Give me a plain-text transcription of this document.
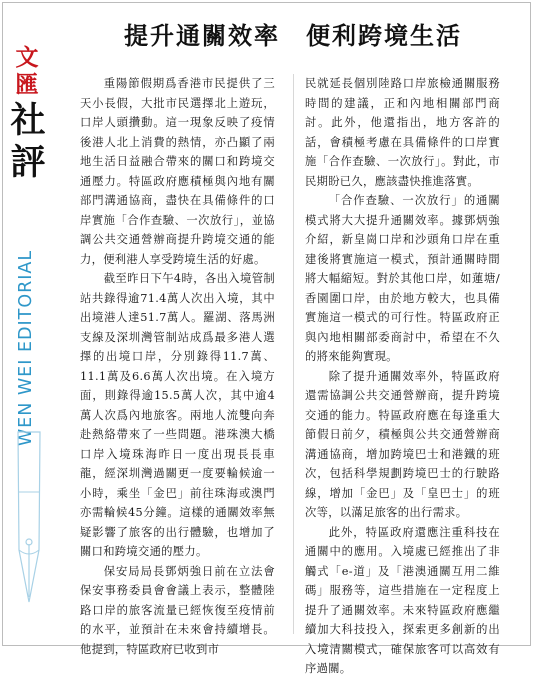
文匯
社評
WEN WEI EDITORIAL
提升通關效率　便利跨境生活

重陽節假期爲香港市民提供了三天小長假，大批市民選擇北上遊玩，口岸人頭攢動。這一現象反映了疫情後港人北上消費的熱情，亦凸顯了兩地生活日益融合帶來的關口和跨境交通壓力。特區政府應積極與內地有關部門溝通協商，盡快在具備條件的口岸實施「合作查驗、一次放行」，並協調公共交通營辦商提升跨境交通的能力，便利港人享受跨境生活的好處。

截至昨日下午4時，各出入境管制站共錄得逾71.4萬人次出入境，其中出境港人達51.7萬人。羅湖、落馬洲支線及深圳灣管制站成爲最多港人選擇的出境口岸，分別錄得11.7萬、11.1萬及6.6萬人次出境。在入境方面，則錄得逾15.5萬人次，其中逾4萬人次爲內地旅客。兩地人流雙向奔赴熱絡帶來了一些問題。港珠澳大橋口岸入境珠海昨日一度出現長長車龍，經深圳灣過關更一度要輪候逾一小時，乘坐「金巴」前往珠海或澳門亦需輪候45分鐘。這樣的通關效率無疑影響了旅客的出行體驗，也增加了關口和跨境交通的壓力。

保安局局長鄧炳強日前在立法會保安事務委員會會議上表示，整體陸路口岸的旅客流量已經恢復至疫情前的水平，並預計在未來會持續增長。他提到，特區政府已收到市

民就延長個別陸路口岸旅檢通關服務時間的建議，正和內地相關部門商討。此外，他還指出，地方客許的話，會積極考慮在具備條件的口岸實施「合作查驗、一次放行」。對此，市民期盼已久，應該盡快推進落實。

「合作查驗、一次放行」的通關模式將大大提升通關效率。據鄧炳強介紹，新皇崗口岸和沙頭角口岸在重建後將實施這一模式，預計通關時間將大幅縮短。對於其他口岸，如蓮塘/香園圍口岸，由於地方較大，也具備實施這一模式的可行性。特區政府正與內地相關部委商討中，希望在不久的將來能夠實現。

除了提升通關效率外，特區政府還需協調公共交通營辦商，提升跨境交通的能力。特區政府應在每逢重大節假日前夕，積極與公共交通營辦商溝通協商，增加跨境巴士和港鐵的班次，包括科學規劃跨境巴士的行駛路線，增加「金巴」及「皇巴士」的班次等，以滿足旅客的出行需求。

此外，特區政府還應注重科技在通關中的應用。入境處已經推出了非觸式「e-道」及「港澳通關互用二維碼」服務等，這些措施在一定程度上提升了通關效率。未來特區政府應繼續加大科技投入，探索更多創新的出入境清關模式，確保旅客可以高效有序過關。
